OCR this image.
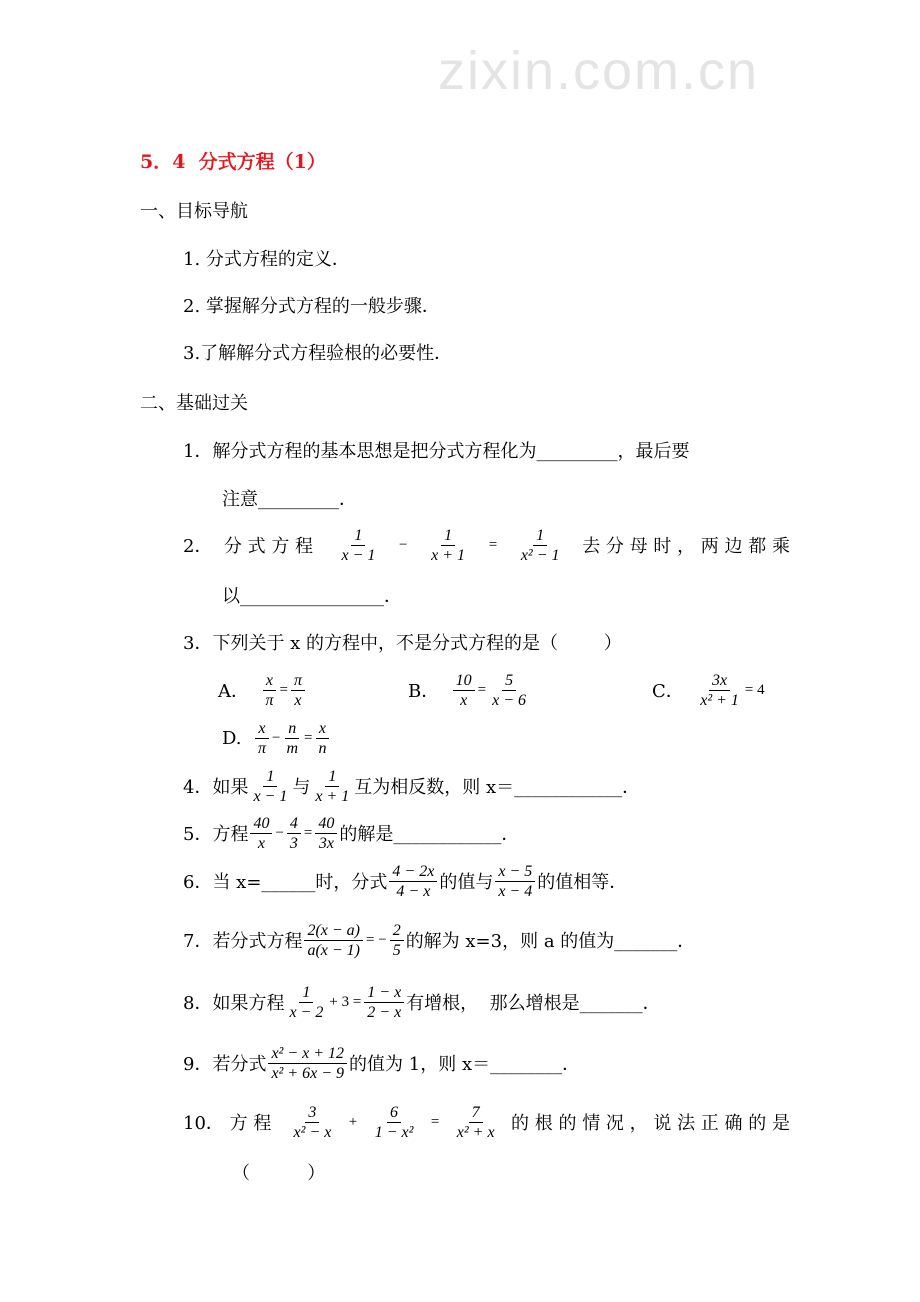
zixin.com.cn
5．4  分式方程（1）
一、目标导航
1. 分式方程的定义．
2. 掌握解分式方程的一般步骤．
3.了解解分式方程验根的必要性．
二、基础过关
1．解分式方程的基本思想是把分式方程化为_________，最后要
注意_________．
2．  分 式 方 程 $\frac{1}{x - 1} - \frac{1}{x + 1} = \frac{1}{\text{x² − 1}}$ 去 分 母 时 ， 两 边 都 乘
以________________．
3．下列关于 x 的方程中，不是分式方程的是（        ）
A． $\frac{x}{\pi} = \frac{\pi}{x}$	B． $\frac{10}{x} = \frac{5}{x - 6}$	C． $\frac{3x}{\text{x² + 1}} = 4$
D. $\frac{x}{\pi} - \frac{n}{m} = \frac{x}{n}$
4．如果 $\frac{1}{x - 1}$ 与 $\frac{1}{x + 1}$ 互为相反数，则 x＝____________．
5．方程 $\frac{40}{x} - \frac{4}{3} = \frac{40}{3x}$ 的解是____________．
6．当 x=______时，分式 $\frac{4 - 2x}{4 - x}$ 的值与 $\frac{x - 5}{x - 4}$ 的值相等．
7．若分式方程 $\frac{2(x - a)}{a(x - 1)}$ = − $\frac{2}{5}$ 的解为 x=3，则 a 的值为_______．
8．如果方程 $\frac{1}{x - 2} + 3 = \frac{1 - x}{2 - x}$ 有增根，  那么增根是_______．
9．若分式 $\frac{\text{x² − x + 12}}{\text{x² + 6x − 9}}$ 的值为 1，则 x＝________．
10． 方 程 $\frac{3}{\text{x² − x}} + \frac{6}{\text{1 − x²}} = \frac{7}{\text{x² + x}}$ 的 根 的 情 况 ， 说 法 正 确 的 是
（          ）
